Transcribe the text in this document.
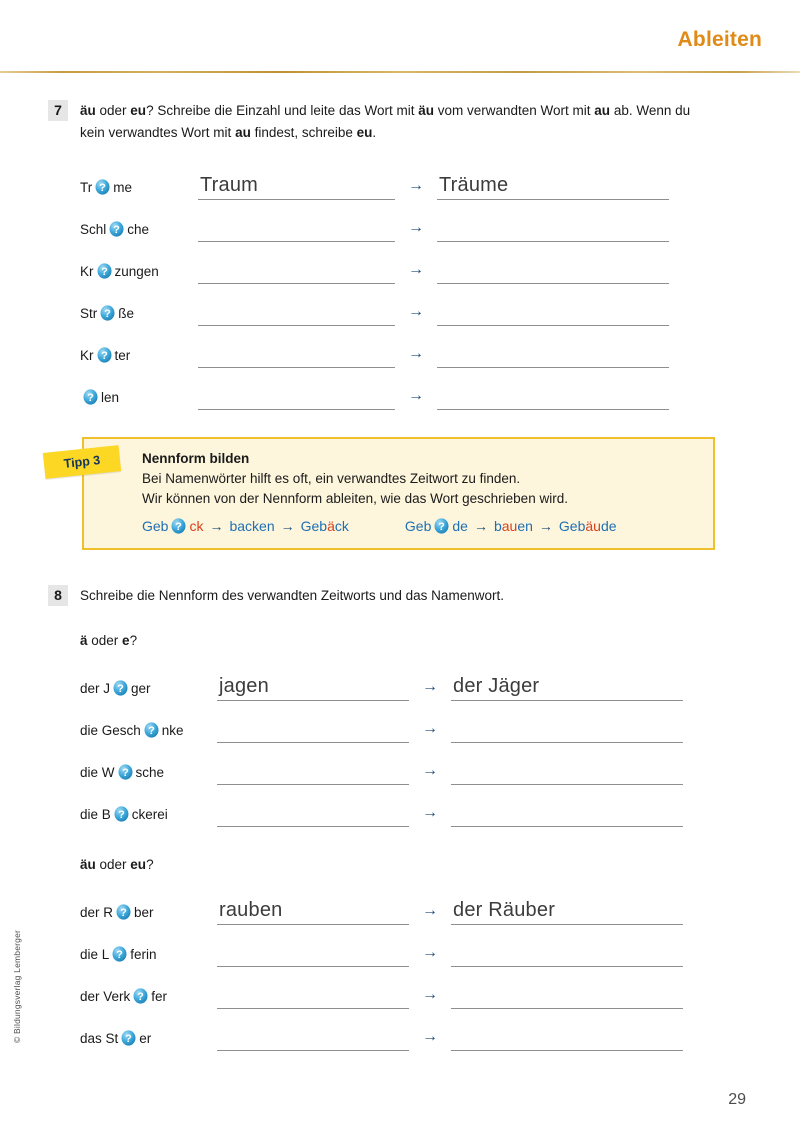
Ableiten
7	äu oder eu? Schreibe die Einzahl und leite das Wort mit äu vom verwandten Wort mit au ab. Wenn du kein verwandtes Wort mit au findest, schreibe eu.
Tr ? me	Traum	→ Träume
Schl ? che	→
Kr ? zungen	→
Str ? ße	→
Kr ? ter	→
? len	→
Nennform bilden
Bei Namenwörter hilft es oft, ein verwandtes Zeitwort zu finden.
Wir können von der Nennform ableiten, wie das Wort geschrieben wird.
Geb ? ck → backen → Geb ä ck	Geb ? de → b au en → Geb äu de
Tipp 3
8	Schreibe die Nennform des verwandten Zeitworts und das Namenwort.
ä oder e?
der J ? ger	jagen	→ der Jäger
die Gesch ? nke	→
die W ? sche	→
die B ? ckerei	→
äu oder eu?
der R ? ber	rauben	→ der Räuber
die L ? ferin	→
der Verk ? fer	→
das St ? er	→
© Bildungsverlag Lemberger
29
